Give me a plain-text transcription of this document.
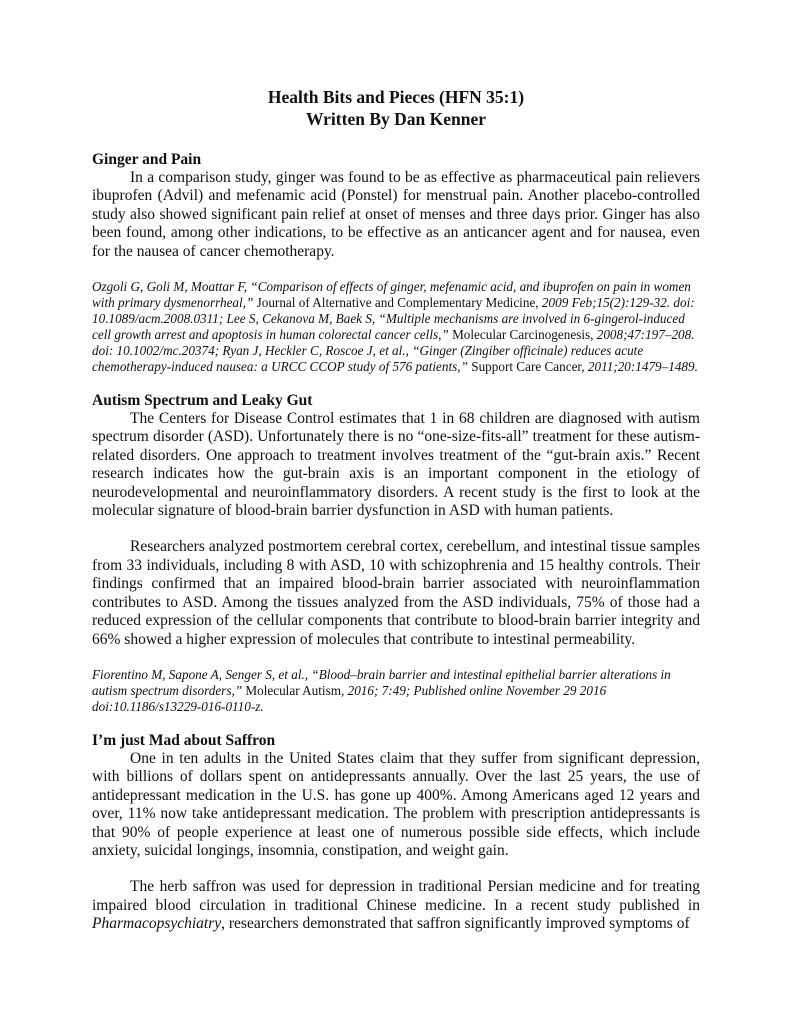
Health Bits and Pieces (HFN 35:1)
Written By Dan Kenner
Ginger and Pain

In a comparison study, ginger was found to be as effective as pharmaceutical pain relievers ibuprofen (Advil) and mefenamic acid (Ponstel) for menstrual pain. Another placebo-controlled study also showed significant pain relief at onset of menses and three days prior. Ginger has also been found, among other indications, to be effective as an anticancer agent and for nausea, even for the nausea of cancer chemotherapy.

Ozgoli G, Goli M, Moattar F, “Comparison of effects of ginger, mefenamic acid, and ibuprofen on pain in women with primary dysmenorrheal,” Journal of Alternative and Complementary Medicine, 2009 Feb;15(2):129-32. doi: 10.1089/acm.2008.0311; Lee S, Cekanova M, Baek S, “Multiple mechanisms are involved in 6-gingerol-induced cell growth arrest and apoptosis in human colorectal cancer cells,” Molecular Carcinogenesis, 2008;47:197–208. doi: 10.1002/mc.20374; Ryan J, Heckler C, Roscoe J, et al., “Ginger (Zingiber officinale) reduces acute chemotherapy-induced nausea: a URCC CCOP study of 576 patients,” Support Care Cancer, 2011;20:1479–1489.

Autism Spectrum and Leaky Gut

The Centers for Disease Control estimates that 1 in 68 children are diagnosed with autism spectrum disorder (ASD). Unfortunately there is no “one-size-fits-all” treatment for these autism-related disorders. One approach to treatment involves treatment of the “gut-brain axis.” Recent research indicates how the gut-brain axis is an important component in the etiology of neurodevelopmental and neuroinflammatory disorders. A recent study is the first to look at the molecular signature of blood-brain barrier dysfunction in ASD with human patients.

Researchers analyzed postmortem cerebral cortex, cerebellum, and intestinal tissue samples from 33 individuals, including 8 with ASD, 10 with schizophrenia and 15 healthy controls. Their findings confirmed that an impaired blood-brain barrier associated with neuroinflammation contributes to ASD. Among the tissues analyzed from the ASD individuals, 75% of those had a reduced expression of the cellular components that contribute to blood-brain barrier integrity and 66% showed a higher expression of molecules that contribute to intestinal permeability.

Fiorentino M, Sapone A, Senger S, et al., “Blood–brain barrier and intestinal epithelial barrier alterations in autism spectrum disorders,” Molecular Autism, 2016; 7:49; Published online November 29 2016 doi:10.1186/s13229-016-0110-z.

I’m just Mad about Saffron

One in ten adults in the United States claim that they suffer from significant depression, with billions of dollars spent on antidepressants annually. Over the last 25 years, the use of antidepressant medication in the U.S. has gone up 400%. Among Americans aged 12 years and over, 11% now take antidepressant medication. The problem with prescription antidepressants is that 90% of people experience at least one of numerous possible side effects, which include anxiety, suicidal longings, insomnia, constipation, and weight gain.

The herb saffron was used for depression in traditional Persian medicine and for treating impaired blood circulation in traditional Chinese medicine. In a recent study published in Pharmacopsychiatry, researchers demonstrated that saffron significantly improved symptoms of
